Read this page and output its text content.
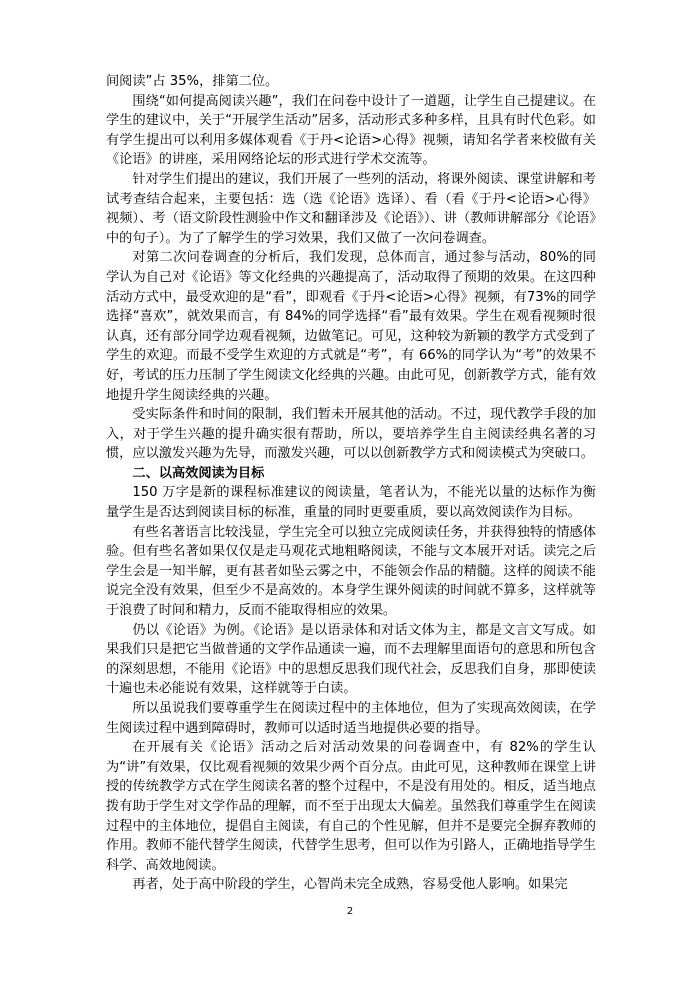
间阅读”占 35%，排第二位。

围绕“如何提高阅读兴趣”，我们在问卷中设计了一道题，让学生自己提建议。在学生的建议中，关于“开展学生活动”居多，活动形式多种多样，且具有时代色彩。如有学生提出可以利用多媒体观看《于丹<论语>心得》视频，请知名学者来校做有关《论语》的讲座，采用网络论坛的形式进行学术交流等。

针对学生们提出的建议，我们开展了一些列的活动，将课外阅读、课堂讲解和考试考查结合起来，主要包括：选（选《论语》选译）、看（看《于丹<论语>心得》视频）、考（语文阶段性测验中作文和翻译涉及《论语》）、讲（教师讲解部分《论语》中的句子）。为了了解学生的学习效果，我们又做了一次问卷调查。

对第二次问卷调查的分析后，我们发现，总体而言，通过参与活动，80%的同学认为自己对《论语》等文化经典的兴趣提高了，活动取得了预期的效果。在这四种活动方式中，最受欢迎的是“看”，即观看《于丹<论语>心得》视频，有73%的同学选择“喜欢”，就效果而言，有 84%的同学选择“看”最有效果。学生在观看视频时很认真，还有部分同学边观看视频，边做笔记。可见，这种较为新颖的教学方式受到了学生的欢迎。而最不受学生欢迎的方式就是“考”，有 66%的同学认为“考”的效果不好，考试的压力压制了学生阅读文化经典的兴趣。由此可见，创新教学方式，能有效地提升学生阅读经典的兴趣。

受实际条件和时间的限制，我们暂未开展其他的活动。不过，现代教学手段的加入，对于学生兴趣的提升确实很有帮助，所以，要培养学生自主阅读经典名著的习惯，应以激发兴趣为先导，而激发兴趣，可以以创新教学方式和阅读模式为突破口。

二、以高效阅读为目标

150 万字是新的课程标准建议的阅读量，笔者认为，不能光以量的达标作为衡量学生是否达到阅读目标的标准，重量的同时更要重质，要以高效阅读作为目标。

有些名著语言比较浅显，学生完全可以独立完成阅读任务，并获得独特的情感体验。但有些名著如果仅仅是走马观花式地粗略阅读，不能与文本展开对话。读完之后学生会是一知半解，更有甚者如坠云雾之中，不能领会作品的精髓。这样的阅读不能说完全没有效果，但至少不是高效的。本身学生课外阅读的时间就不算多，这样就等于浪费了时间和精力，反而不能取得相应的效果。

仍以《论语》为例。《论语》是以语录体和对话文体为主，都是文言文写成。如果我们只是把它当做普通的文学作品通读一遍，而不去理解里面语句的意思和所包含的深刻思想，不能用《论语》中的思想反思我们现代社会，反思我们自身，那即使读十遍也未必能说有效果，这样就等于白读。

所以虽说我们要尊重学生在阅读过程中的主体地位，但为了实现高效阅读，在学生阅读过程中遇到障碍时，教师可以适时适当地提供必要的指导。

在开展有关《论语》活动之后对活动效果的问卷调查中，有 82%的学生认为“讲”有效果，仅比观看视频的效果少两个百分点。由此可见，这种教师在课堂上讲授的传统教学方式在学生阅读名著的整个过程中，不是没有用处的。相反，适当地点拨有助于学生对文学作品的理解，而不至于出现太大偏差。虽然我们尊重学生在阅读过程中的主体地位，提倡自主阅读，有自己的个性见解，但并不是要完全摒弃教师的作用。教师不能代替学生阅读，代替学生思考，但可以作为引路人，正确地指导学生科学、高效地阅读。

再者，处于高中阶段的学生，心智尚未完全成熟，容易受他人影响。如果完

2
